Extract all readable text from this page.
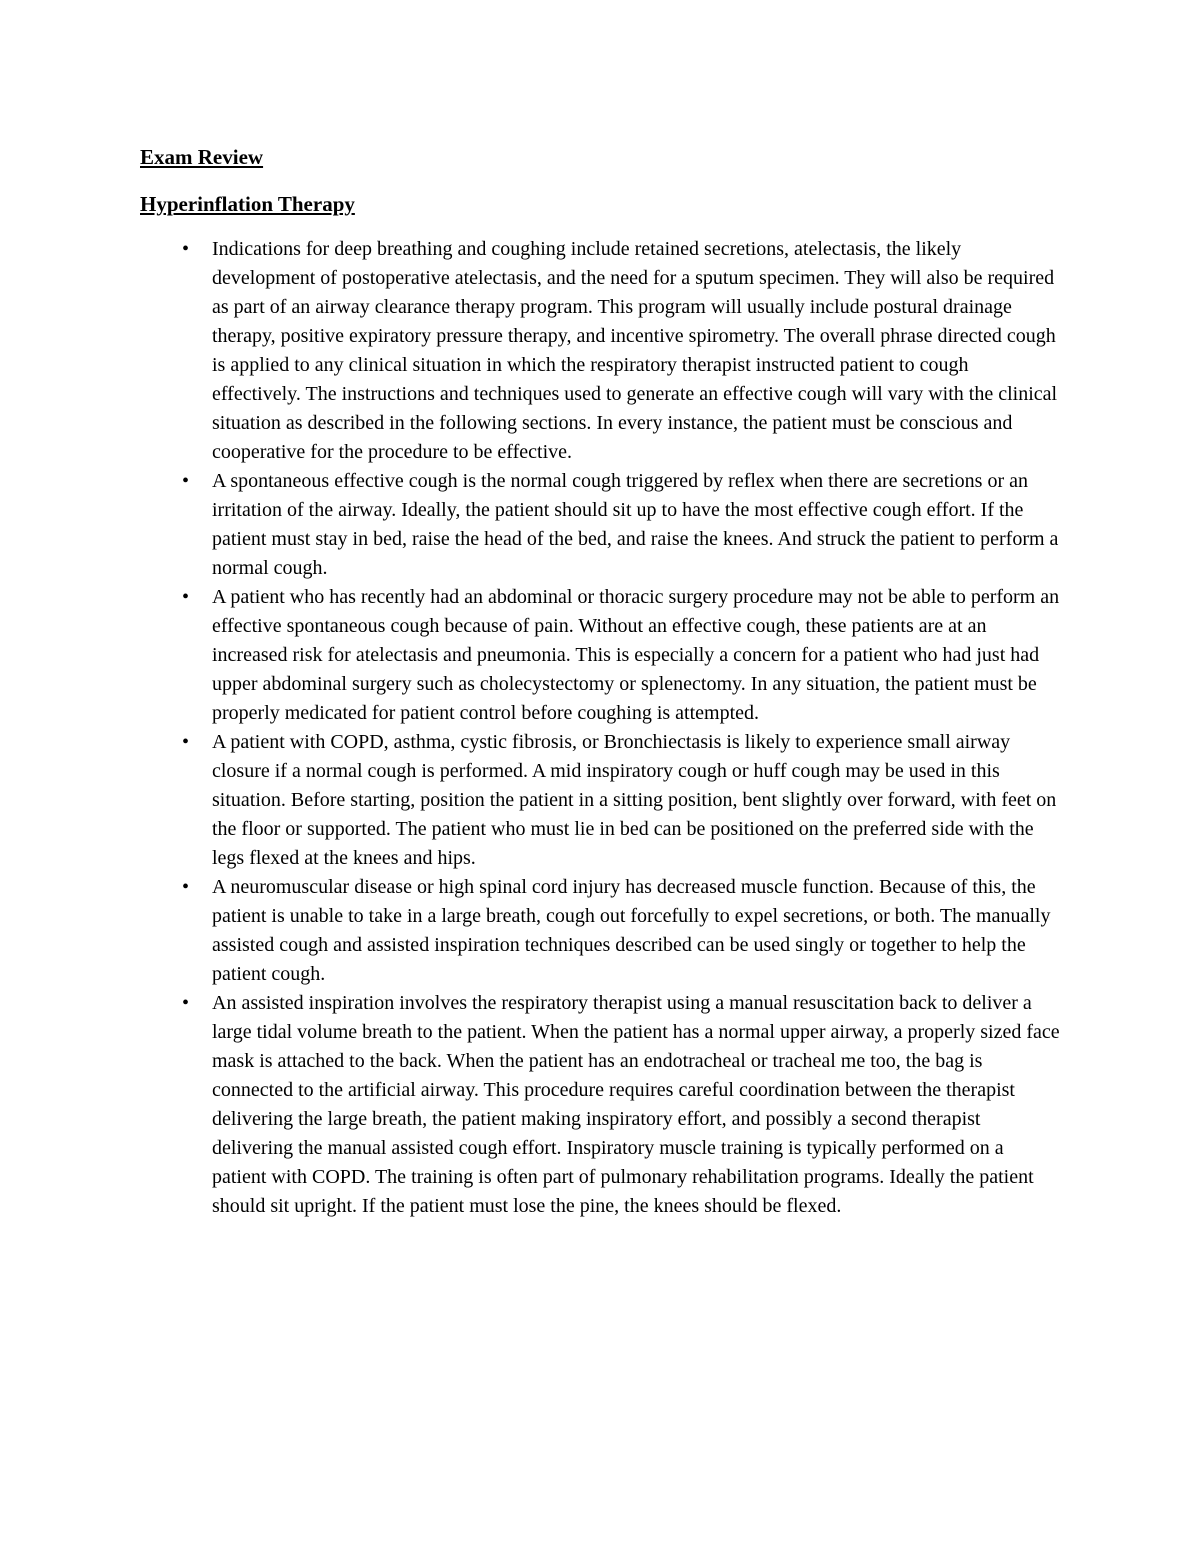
Exam Review
Hyperinflation Therapy
• Indications for deep breathing and coughing include retained secretions, atelectasis, the likely development of postoperative atelectasis, and the need for a sputum specimen. They will also be required as part of an airway clearance therapy program. This program will usually include postural drainage therapy, positive expiratory pressure therapy, and incentive spirometry. The overall phrase directed cough is applied to any clinical situation in which the respiratory therapist instructed patient to cough effectively. The instructions and techniques used to generate an effective cough will vary with the clinical situation as described in the following sections. In every instance, the patient must be conscious and cooperative for the procedure to be effective.
• A spontaneous effective cough is the normal cough triggered by reflex when there are secretions or an irritation of the airway. Ideally, the patient should sit up to have the most effective cough effort. If the patient must stay in bed, raise the head of the bed, and raise the knees. And struck the patient to perform a normal cough.
• A patient who has recently had an abdominal or thoracic surgery procedure may not be able to perform an effective spontaneous cough because of pain. Without an effective cough, these patients are at an increased risk for atelectasis and pneumonia. This is especially a concern for a patient who had just had upper abdominal surgery such as cholecystectomy or splenectomy. In any situation, the patient must be properly medicated for patient control before coughing is attempted.
• A patient with COPD, asthma, cystic fibrosis, or Bronchiectasis is likely to experience small airway closure if a normal cough is performed. A mid inspiratory cough or huff cough may be used in this situation. Before starting, position the patient in a sitting position, bent slightly over forward, with feet on the floor or supported. The patient who must lie in bed can be positioned on the preferred side with the legs flexed at the knees and hips.
• A neuromuscular disease or high spinal cord injury has decreased muscle function. Because of this, the patient is unable to take in a large breath, cough out forcefully to expel secretions, or both. The manually assisted cough and assisted inspiration techniques described can be used singly or together to help the patient cough.
• An assisted inspiration involves the respiratory therapist using a manual resuscitation back to deliver a large tidal volume breath to the patient. When the patient has a normal upper airway, a properly sized face mask is attached to the back. When the patient has an endotracheal or tracheal me too, the bag is connected to the artificial airway. This procedure requires careful coordination between the therapist delivering the large breath, the patient making inspiratory effort, and possibly a second therapist delivering the manual assisted cough effort. Inspiratory muscle training is typically performed on a patient with COPD. The training is often part of pulmonary rehabilitation programs. Ideally the patient should sit upright. If the patient must lose the pine, the knees should be flexed.
